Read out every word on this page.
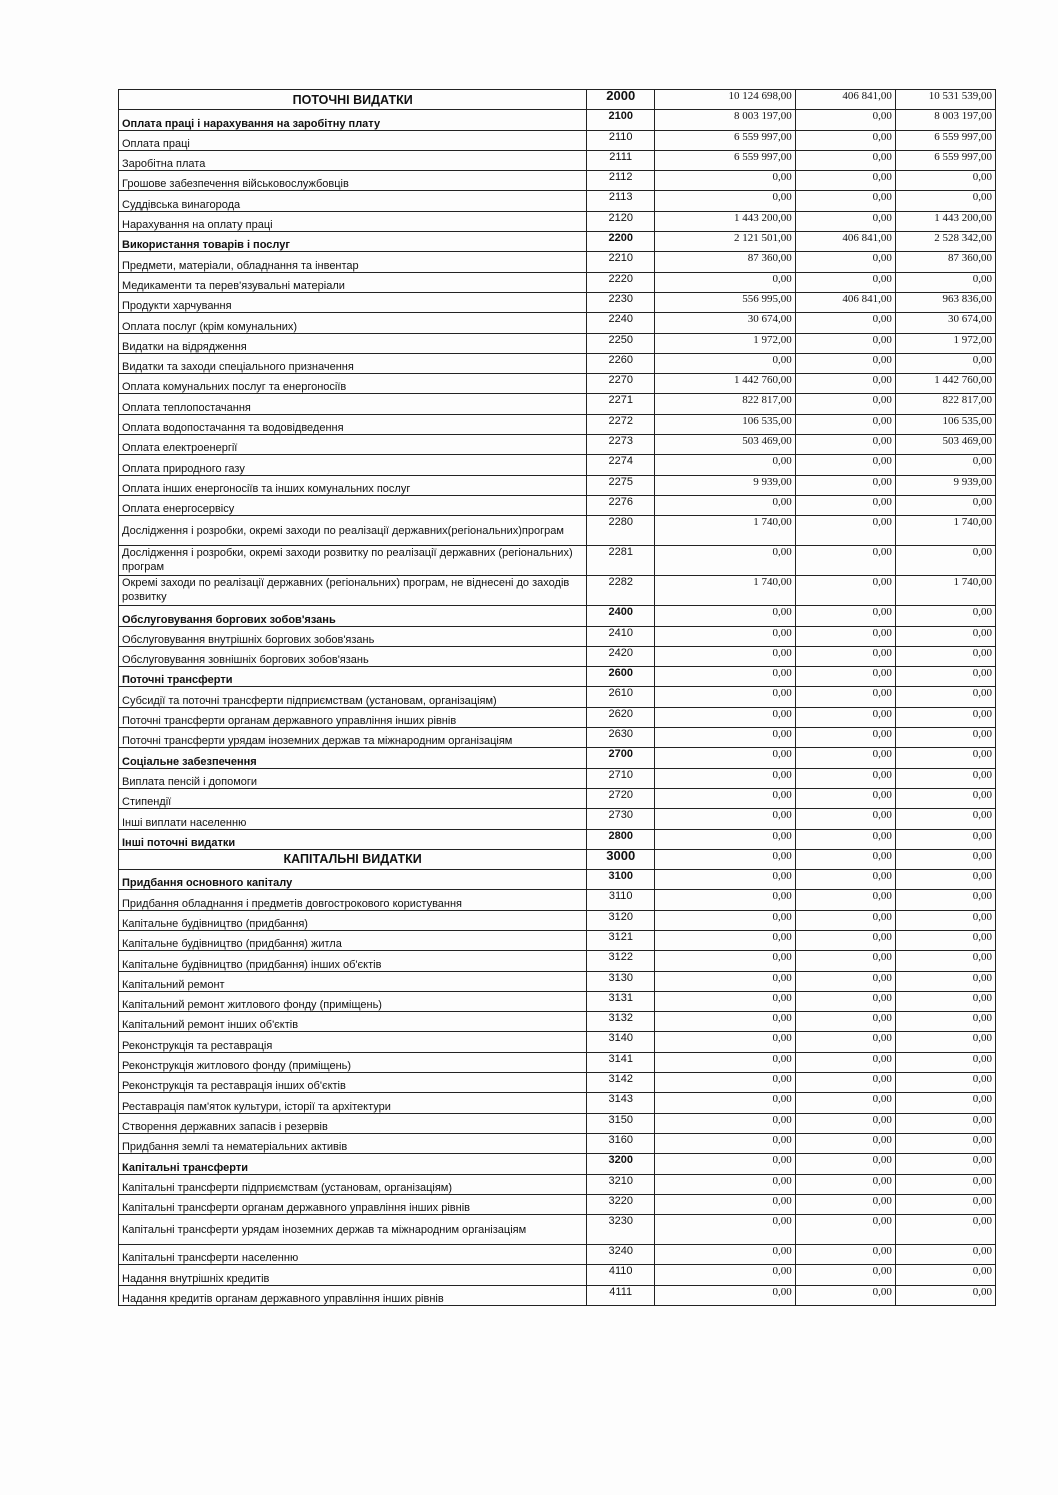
ПОТОЧНІ ВИДАТКИ	2000	10 124 698,00	406 841,00	10 531 539,00
Оплата праці і нарахування на заробітну плату	2100	8 003 197,00	0,00	8 003 197,00
Оплата праці	2110	6 559 997,00	0,00	6 559 997,00
Заробітна плата	2111	6 559 997,00	0,00	6 559 997,00
Грошове забезпечення військовослужбовців	2112	0,00	0,00	0,00
Суддівська винагорода	2113	0,00	0,00	0,00
Нарахування на оплату праці	2120	1 443 200,00	0,00	1 443 200,00
Використання товарів і послуг	2200	2 121 501,00	406 841,00	2 528 342,00
Предмети, матеріали, обладнання та інвентар	2210	87 360,00	0,00	87 360,00
Медикаменти та перев'язувальні матеріали	2220	0,00	0,00	0,00
Продукти харчування	2230	556 995,00	406 841,00	963 836,00
Оплата послуг (крім комунальних)	2240	30 674,00	0,00	30 674,00
Видатки на відрядження	2250	1 972,00	0,00	1 972,00
Видатки та заходи спеціального призначення	2260	0,00	0,00	0,00
Оплата комунальних послуг та енергоносіїв	2270	1 442 760,00	0,00	1 442 760,00
Оплата теплопостачання	2271	822 817,00	0,00	822 817,00
Оплата водопостачання та водовідведення	2272	106 535,00	0,00	106 535,00
Оплата електроенергії	2273	503 469,00	0,00	503 469,00
Оплата природного газу	2274	0,00	0,00	0,00
Оплата інших енергоносіїв та інших комунальних послуг	2275	9 939,00	0,00	9 939,00
Оплата енергосервісу	2276	0,00	0,00	0,00
Дослідження і розробки, окремі заходи по реалізації державних(регіональних)програм	2280	1 740,00	0,00	1 740,00
Дослідження і розробки, окремі заходи розвитку по реалізації державних (регіональних) програм	2281	0,00	0,00	0,00
Окремі заходи по реалізації державних (регіональних) програм, не віднесені до заходів розвитку	2282	1 740,00	0,00	1 740,00
Обслуговування боргових зобов'язань	2400	0,00	0,00	0,00
Обслуговування внутрішніх боргових зобов'язань	2410	0,00	0,00	0,00
Обслуговування зовнішніх боргових зобов'язань	2420	0,00	0,00	0,00
Поточні трансферти	2600	0,00	0,00	0,00
Субсидії та поточні трансферти підприємствам (установам, організаціям)	2610	0,00	0,00	0,00
Поточні трансферти органам державного управління інших рівнів	2620	0,00	0,00	0,00
Поточні трансферти урядам іноземних держав та міжнародним організаціям	2630	0,00	0,00	0,00
Соціальне забезпечення	2700	0,00	0,00	0,00
Виплата пенсій і допомоги	2710	0,00	0,00	0,00
Стипендії	2720	0,00	0,00	0,00
Інші виплати населенню	2730	0,00	0,00	0,00
Інші поточні видатки	2800	0,00	0,00	0,00
КАПІТАЛЬНІ ВИДАТКИ	3000	0,00	0,00	0,00
Придбання основного капіталу	3100	0,00	0,00	0,00
Придбання обладнання і предметів довгострокового користування	3110	0,00	0,00	0,00
Капітальне будівництво (придбання)	3120	0,00	0,00	0,00
Капітальне будівництво (придбання) житла	3121	0,00	0,00	0,00
Капітальне будівництво (придбання) інших об'єктів	3122	0,00	0,00	0,00
Капітальний ремонт	3130	0,00	0,00	0,00
Капітальний ремонт житлового фонду (приміщень)	3131	0,00	0,00	0,00
Капітальний ремонт інших об'єктів	3132	0,00	0,00	0,00
Реконструкція та реставрація	3140	0,00	0,00	0,00
Реконструкція житлового фонду (приміщень)	3141	0,00	0,00	0,00
Реконструкція та реставрація інших об'єктів	3142	0,00	0,00	0,00
Реставрація пам'яток культури, історії та архітектури	3143	0,00	0,00	0,00
Створення державних запасів і резервів	3150	0,00	0,00	0,00
Придбання землі та нематеріальних активів	3160	0,00	0,00	0,00
Капітальні трансферти	3200	0,00	0,00	0,00
Капітальні трансферти підприємствам (установам, організаціям)	3210	0,00	0,00	0,00
Капітальні трансферти органам державного управління інших рівнів	3220	0,00	0,00	0,00
Капітальні трансферти урядам іноземних держав та міжнародним організаціям	3230	0,00	0,00	0,00
Капітальні трансферти населенню	3240	0,00	0,00	0,00
Надання внутрішніх кредитів	4110	0,00	0,00	0,00
Надання кредитів органам державного управління інших рівнів	4111	0,00	0,00	0,00
